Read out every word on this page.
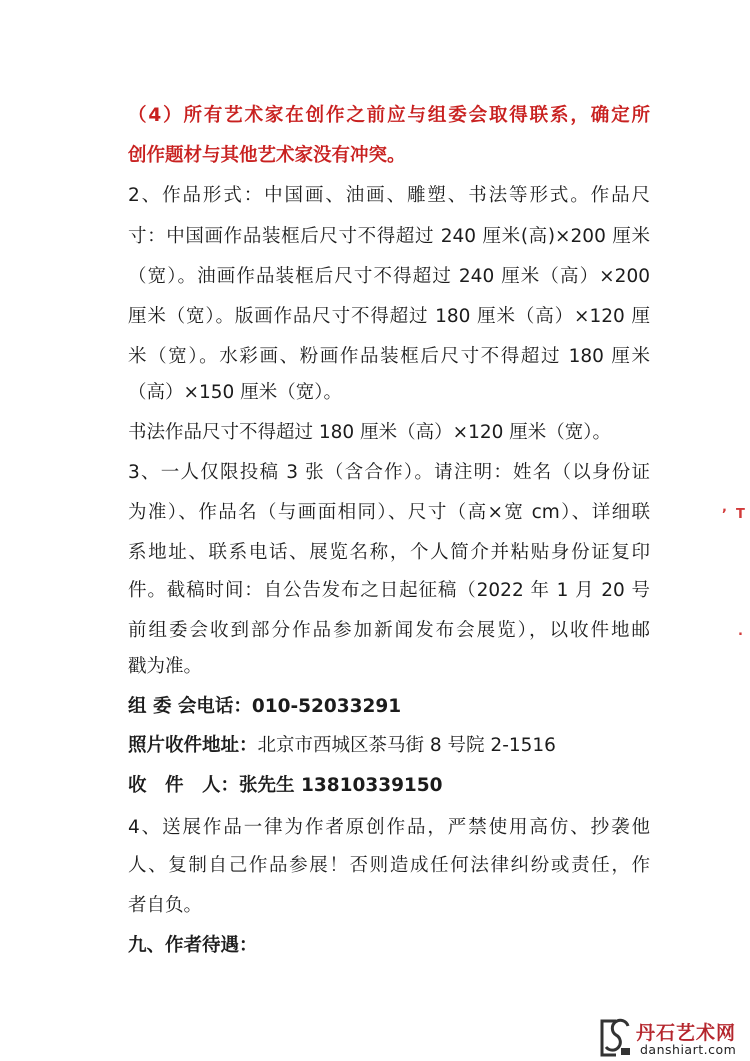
（4）所有艺术家在创作之前应与组委会取得联系，确定所
创作题材与其他艺术家没有冲突。
2、作品形式：中国画、油画、雕塑、书法等形式。作品尺
寸：中国画作品装框后尺寸不得超过 240 厘米(高)×200 厘米
（宽）。油画作品装框后尺寸不得超过 240 厘米（高）×200
厘米（宽）。版画作品尺寸不得超过 180 厘米（高）×120 厘
米（宽）。水彩画、粉画作品装框后尺寸不得超过 180 厘米
（高）×150 厘米（宽）。
书法作品尺寸不得超过 180 厘米（高）×120 厘米（宽）。
3、一人仅限投稿 3 张（含合作）。请注明：姓名（以身份证
为准）、作品名（与画面相同）、尺寸（高×宽 cm）、详细联
系地址、联系电话、展览名称，个人简介并粘贴身份证复印
件。截稿时间：自公告发布之日起征稿（2022 年 1 月 20 号
前组委会收到部分作品参加新闻发布会展览），以收件地邮
戳为准。
组 委 会电话：010-52033291
照片收件地址：北京市西城区茶马街 8 号院 2-1516
收　件　人：张先生 13810339150
4、送展作品一律为作者原创作品，严禁使用高仿、抄袭他
人、复制自己作品参展！否则造成任何法律纠纷或责任，作
者自负。
九、作者待遇：
, T
.
丹石艺术网
danshiart.com
